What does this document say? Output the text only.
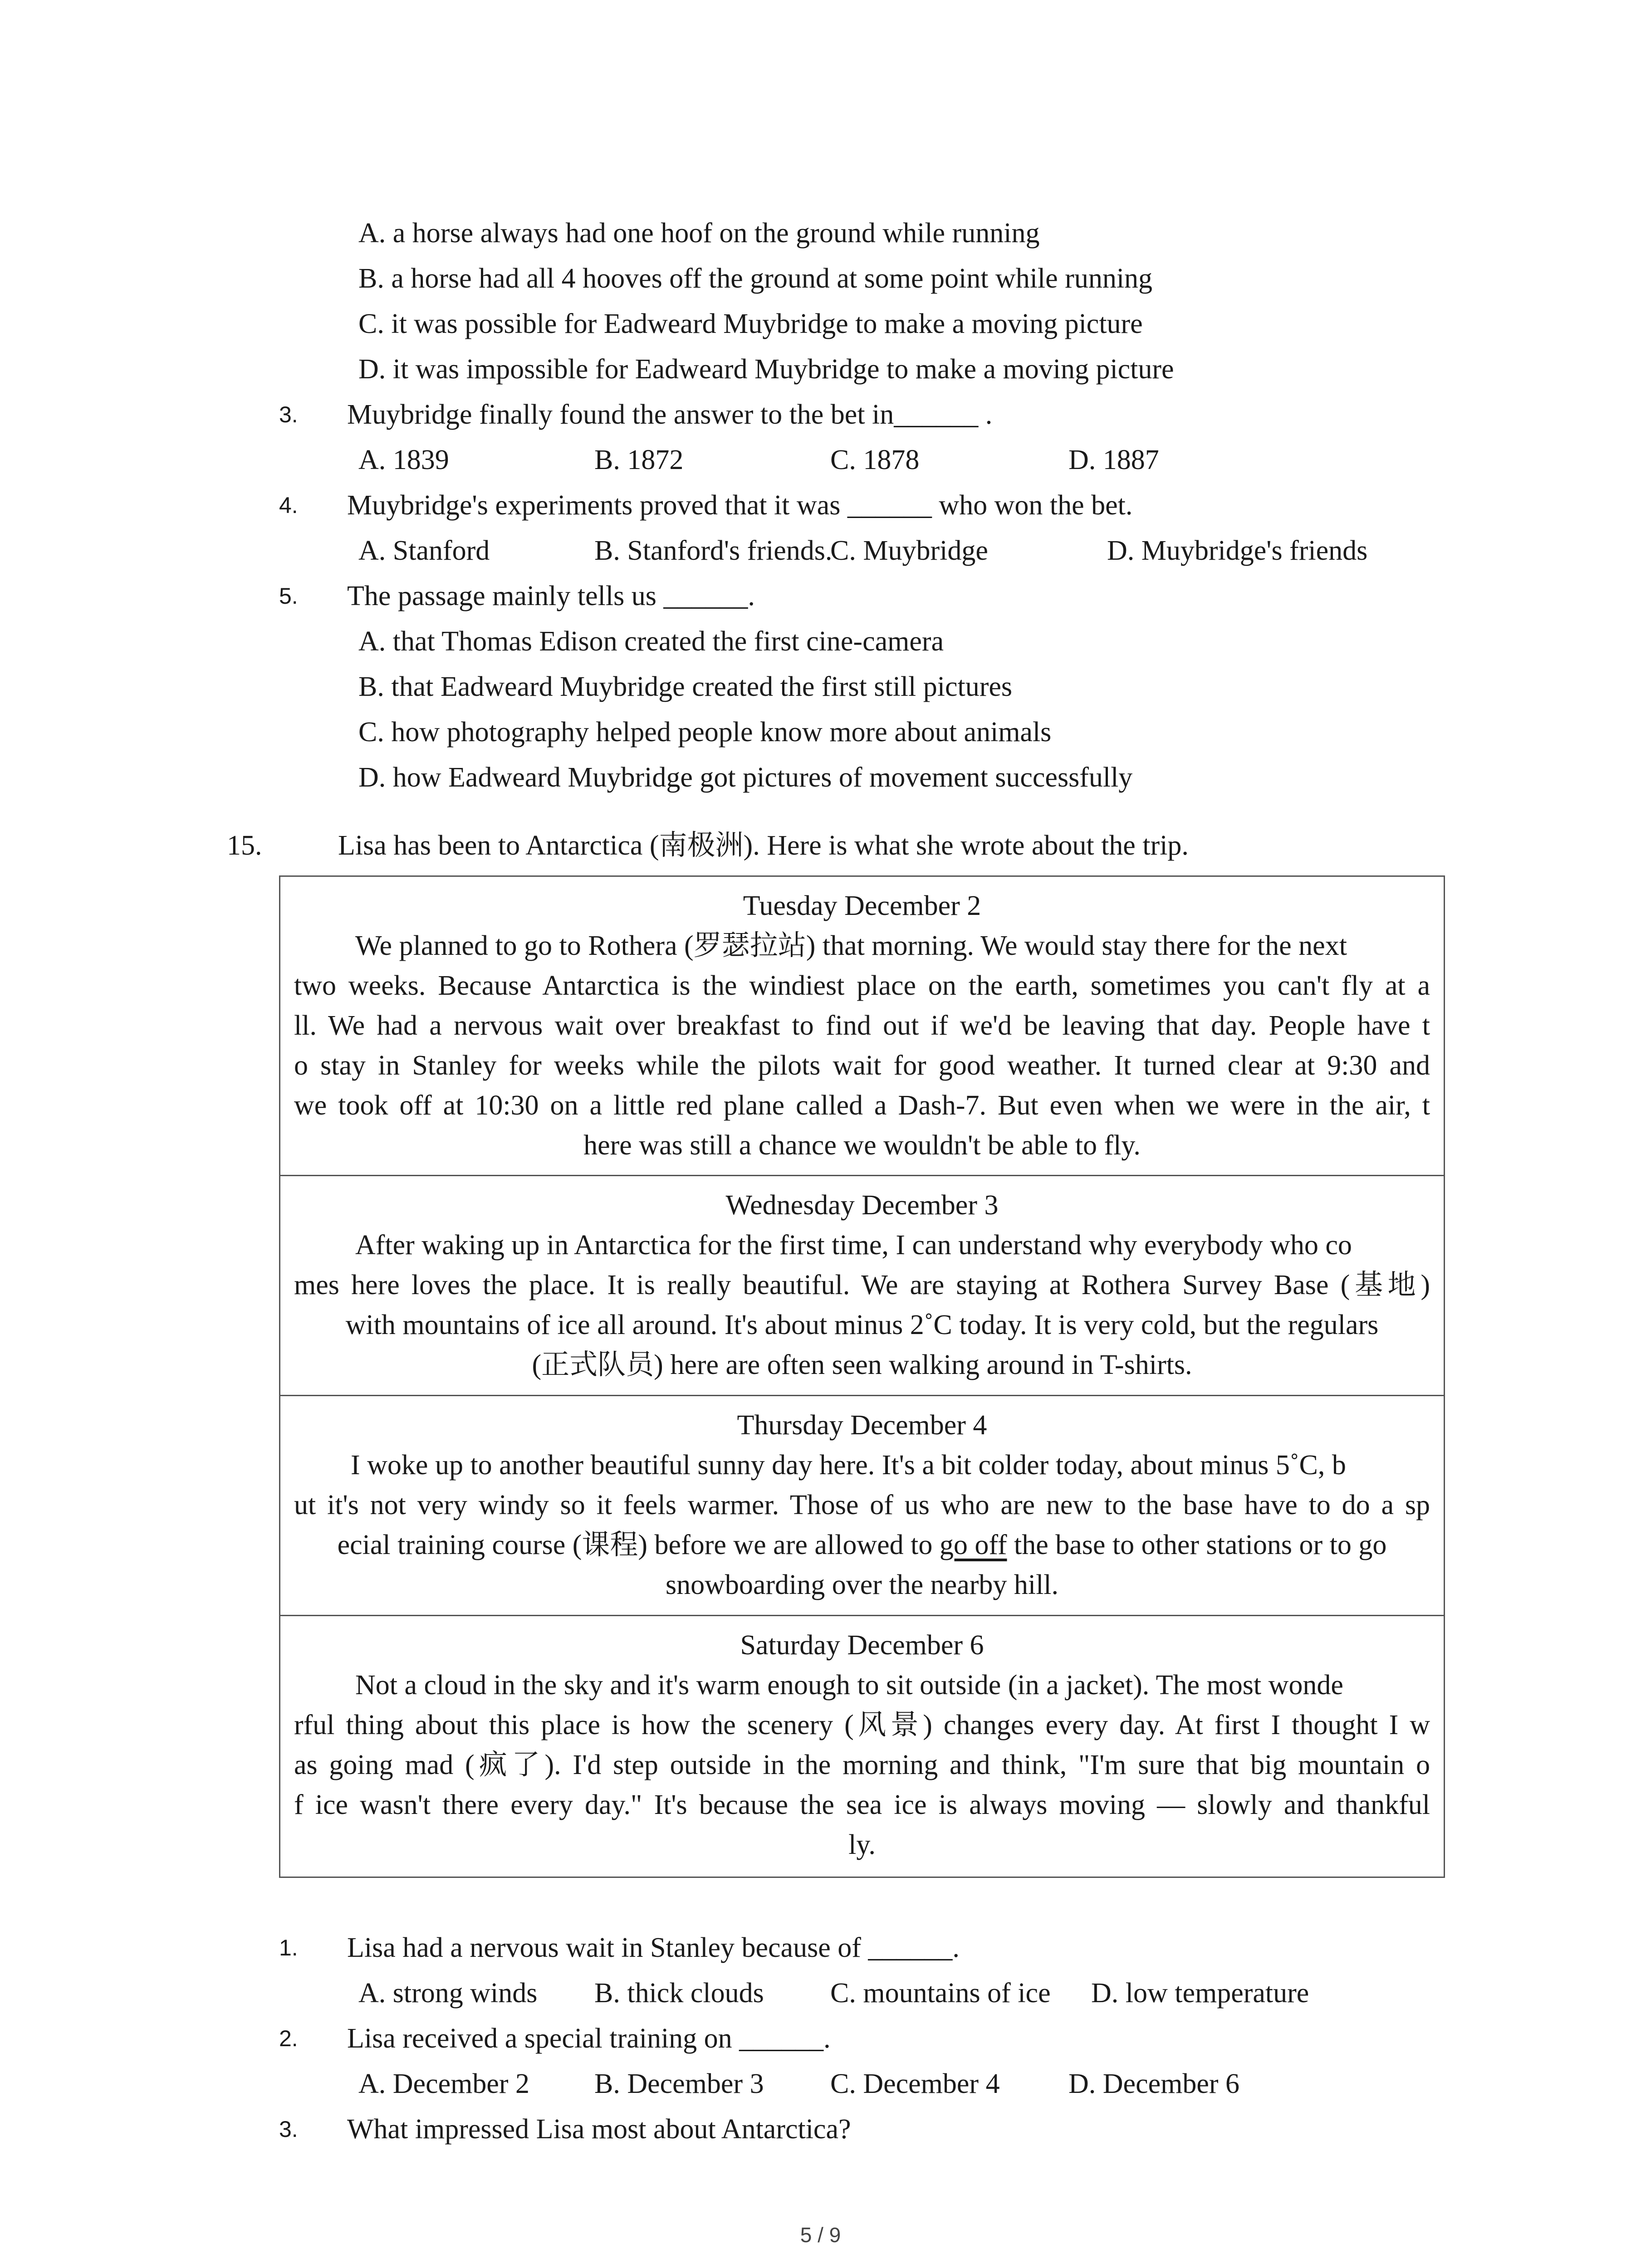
A. a horse always had one hoof on the ground while running
B. a horse had all 4 hooves off the ground at some point while running
C. it was possible for Eadweard Muybridge to make a moving picture
D. it was impossible for Eadweard Muybridge to make a moving picture
3. Muybridge finally found the answer to the bet in______ .
A. 1839	B. 1872	C. 1878	D. 1887
4. Muybridge's experiments proved that it was ______ who won the bet.
A. Stanford	B. Stanford's friends.
C. Muybridge	D. Muybridge's friends
5. The passage mainly tells us ______.
A. that Thomas Edison created the first cine-camera
B. that Eadweard Muybridge created the first still pictures
C. how photography helped people know more about animals
D. how Eadweard Muybridge got pictures of movement successfully
15.	Lisa has been to Antarctica (南极洲). Here is what she wrote about the trip.
Tuesday December 2
We planned to go to Rothera (罗瑟拉站) that morning. We would stay there for the next
two weeks. Because Antarctica is the windiest place on the earth, sometimes you can't fly at a
ll. We had a nervous wait over breakfast to find out if we'd be leaving that day. People have t
o stay in Stanley for weeks while the pilots wait for good weather. It turned clear at 9:30 and
we took off at 10:30 on a little red plane called a Dash-7. But even when we were in the air, t
here was still a chance we wouldn't be able to fly.
Wednesday December 3
After waking up in Antarctica for the first time, I can understand why everybody who co
mes here loves the place. It is really beautiful. We are staying at Rothera Survey Base (基地)
with mountains of ice all around. It's about minus 2˚C today. It is very cold, but the regulars
(正式队员) here are often seen walking around in T-shirts.
Thursday December 4
I woke up to another beautiful sunny day here. It's a bit colder today, about minus 5˚C, b
ut it's not very windy so it feels warmer. Those of us who are new to the base have to do a sp
ecial training course (课程) before we are allowed to go off the base to other stations or to go
snowboarding over the nearby hill.
Saturday December 6
Not a cloud in the sky and it's warm enough to sit outside (in a jacket). The most wonde
rful thing about this place is how the scenery (风景) changes every day. At first I thought I w
as going mad (疯了). I'd step outside in the morning and think, "I'm sure that big mountain o
f ice wasn't there every day." It's because the sea ice is always moving — slowly and thankful
ly.
1. Lisa had a nervous wait in Stanley because of ______.
A. strong winds B. thick clouds C. mountains of ice D. low temperature
2. Lisa received a special training on ______.
A. December 2 B. December 3 C. December 4 D. December 6
3. What impressed Lisa most about Antarctica?
5 / 9
